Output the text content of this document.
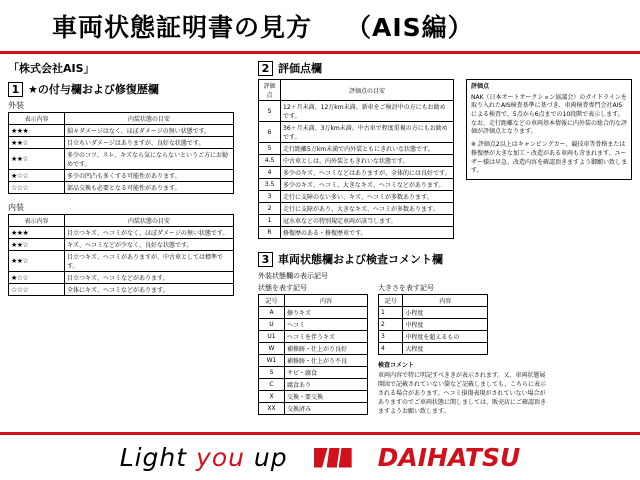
車両状態証明書の見方	（AIS編）
「株式会社AIS」
1 ★の付与欄および修復歴欄
外装
表示内容	内装状態の目安
★★★	損々ダメージはなく、ほぼダメージの無い状態です。
★★☆	目立ちいダメージはありますが、良好な状態です。
★★☆	多少のコツ、スレ、キズなら気にならないというご方にお勧めです。
★☆☆	多少の凹凸も多くする可能性があります。
☆☆☆	部品交換も必要となる可能性があります。
内装
表示内容	内装状態の目安
★★★	目立つキズ、ヘコミがなく、ほぼダメージの無い状態です。
★★☆	キズ、ヘコミなどが少なく、良好な状態です。
★★☆	目立つキズ、ヘコミがありますが、中古車としては標準です。
★☆☆	目立つキズ、ヘコミなどがあります。
☆☆☆	全体にキズ、ヘコミなどがあります。
2 評価点欄
評価点	評価点の目安
S	12ヶ月未満、12万km未満。新車をご検討中の方にもお勧めです。
6	36ヶ月未満、3万km未満。中古車で程度重視の方にもお勧めです。
5	走行距離5万km未満で内外装ともにきれいな状態です。
4.5	中古車としは、内外装ともきれいな状態です。
4	多少のキズ、ヘコミなどはありますが、全体的には良好です。
3.5	多少のキズ、ヘコミ、大きなキズ、ヘコミなどがあります。
3	走行に支障のない多い、キズ、ヘコミが多数あります。
2	走行に支障があり、大きなキズ、ヘコミが多数あります。
1	冠水車などの特別規定車両が該当します。
R	修復歴のある・修復歴車です。

評価点

NAK（日本オートオークション協議会）のガイドラインを取り入れたAIS検査基準に基づき、車両検査専門会社AISによる検査で、5点から6点までの10段階で表示します。なお、走行距離などの車両基本情報に内外装の総合的な評価が評価点となります。

※ 評価点2以上はキャンピングカー、競技車等骨格または修復歴が大きな加工・改造がある車両も含まれます。ユーザー様は早急、改造内容を確認頂きますよう御願い致します。

3 車両状態欄および検査コメント欄
外装状態欄の表示記号
状態を表す記号
記号	内容
A	擦りキズ
U	ヘコミ
U1	ヘコミを伴うキズ
W	補修跡・仕上がり良好
W1	補修跡・仕上がり不良
S	サビ・腐食
C	腐食あり
X	交換・要交換
XX	交換済み
大きさを表す記号
記号	内容
1	小程度
2	中程度
3	中程度を超えるもの
4	大程度
検査コメント
車両内容で特に明記すべききが表示されます。又、車両状態展開図で記載されていない箇など記載しましても、こちらに表示される場合があります。ヘコミ損傷表現がされていない場合がありますのでご車両状態に関しましては、販売店にご確認頂きますようお願い致します。
Light you up	DAIHATSU
